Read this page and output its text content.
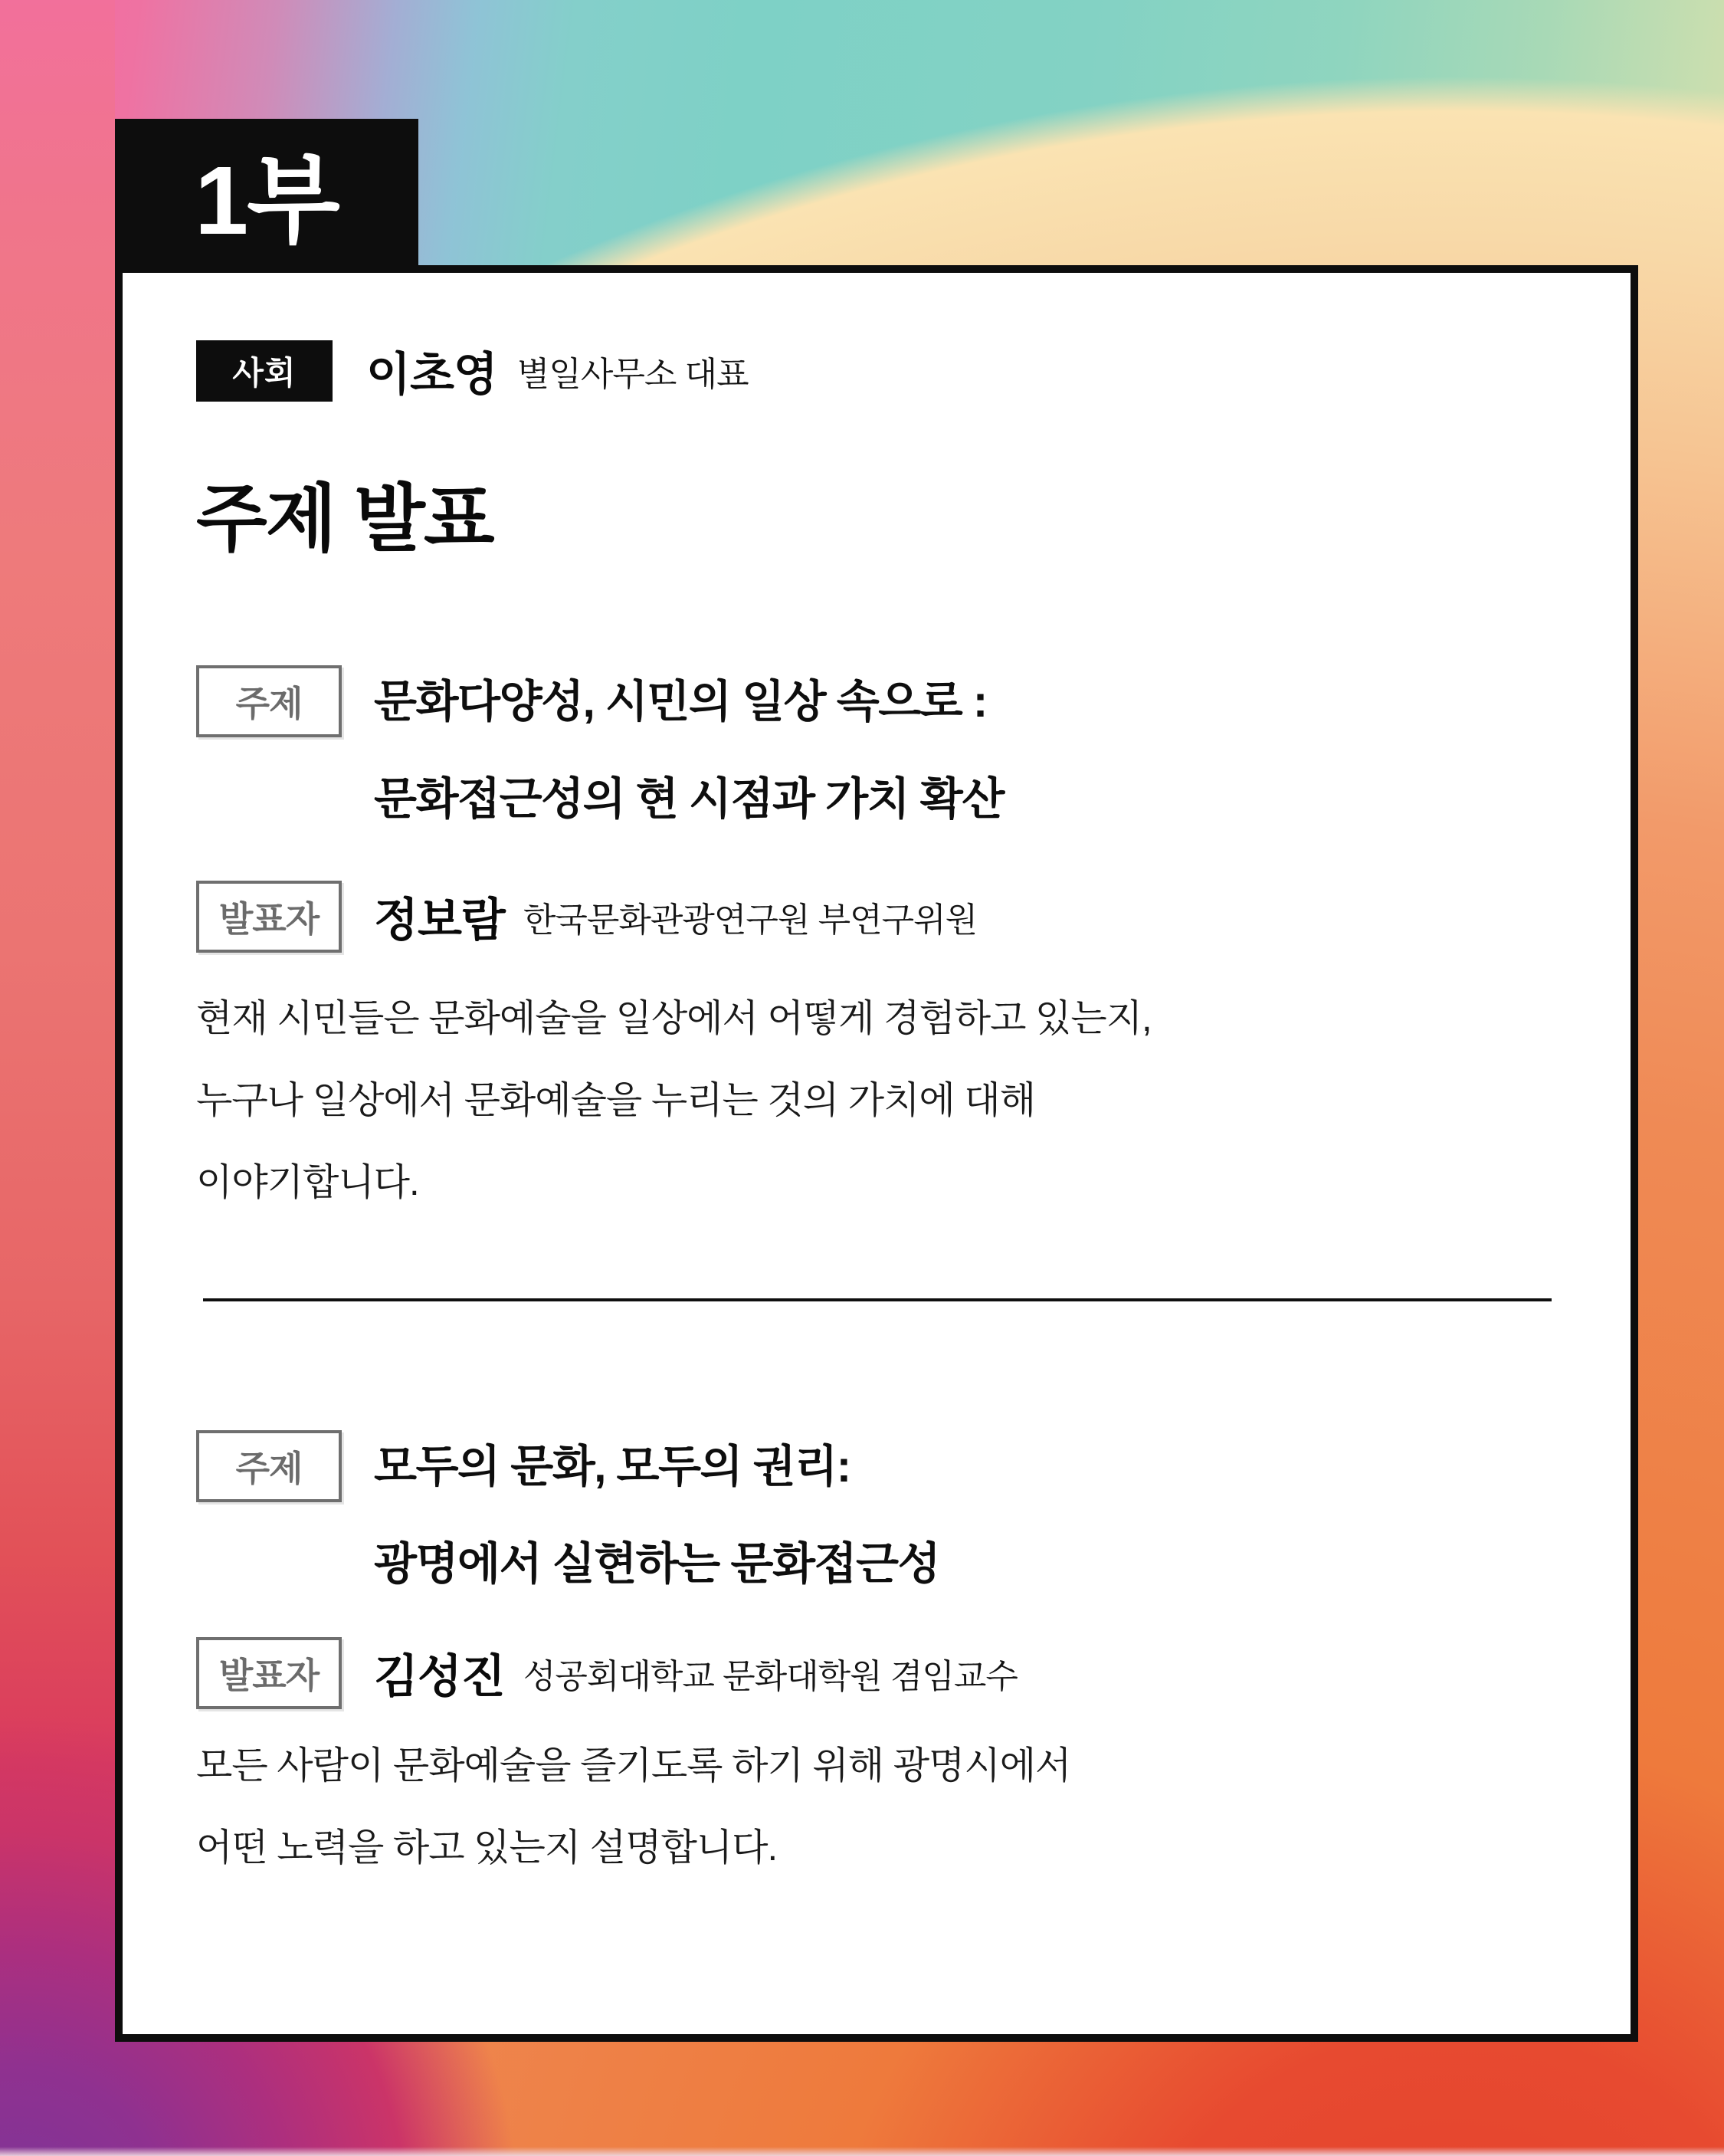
1부
사회	이초영 별일사무소 대표
주제 발표
주제	문화다양성, 시민의 일상 속으로 :
문화접근성의 현 시점과 가치 확산
발표자	정보람 한국문화관광연구원 부연구위원
현재 시민들은 문화예술을 일상에서 어떻게 경험하고 있는지,
누구나 일상에서 문화예술을 누리는 것의 가치에 대해
이야기합니다.
주제	모두의 문화, 모두의 권리:
광명에서 실현하는 문화접근성
발표자	김성진 성공회대학교 문화대학원 겸임교수
모든 사람이 문화예술을 즐기도록 하기 위해 광명시에서
어떤 노력을 하고 있는지 설명합니다.
